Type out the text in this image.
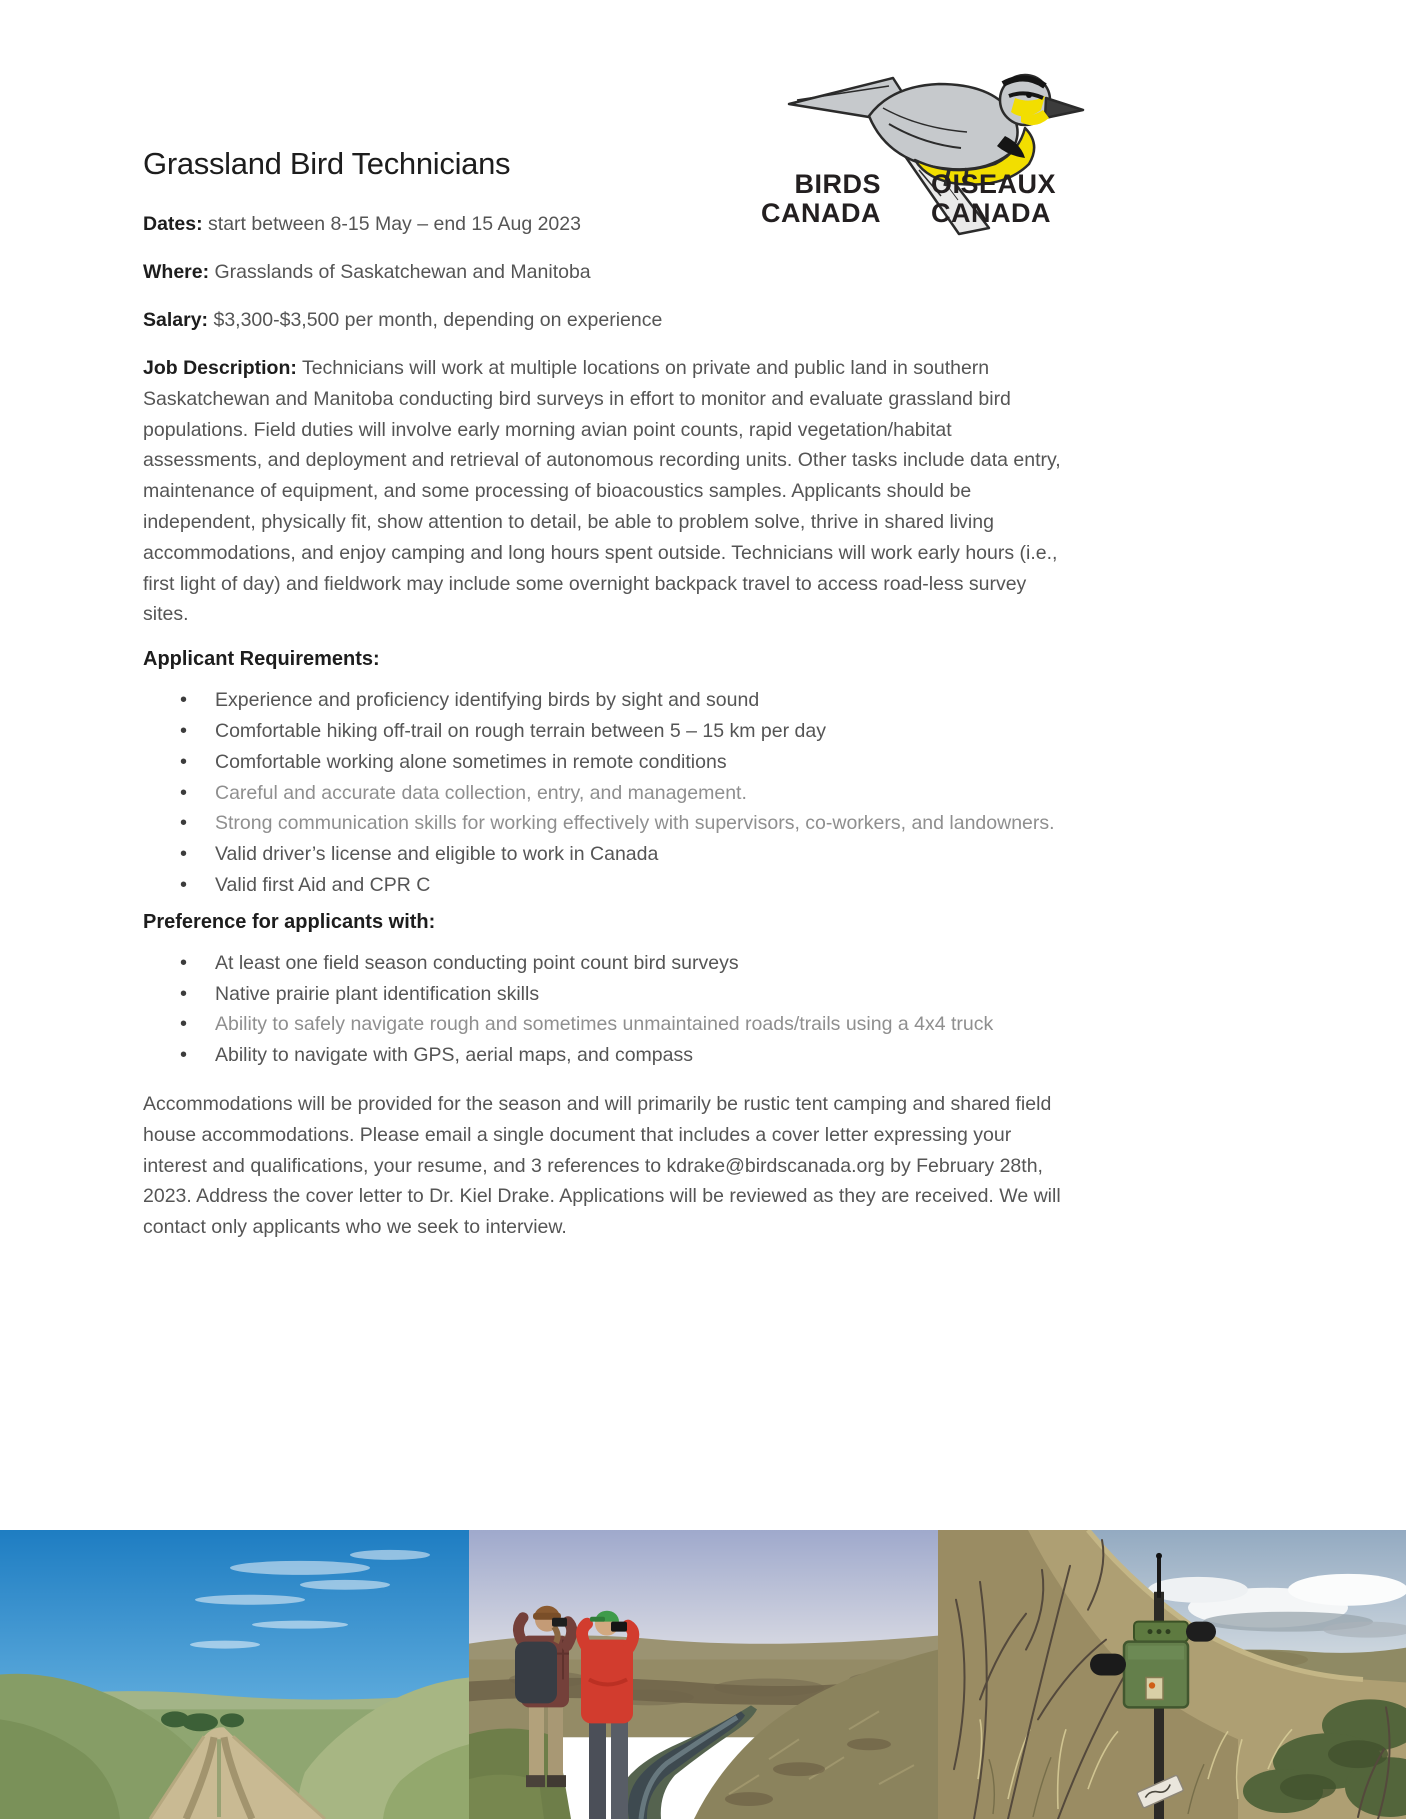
BIRDS
CANADA
OISEAUX
CANADA
Grassland Bird Technicians

Dates: start between 8-15 May – end 15 Aug 2023

Where: Grasslands of Saskatchewan and Manitoba

Salary: $3,300-$3,500 per month, depending on experience

Job Description: Technicians will work at multiple locations on private and public land in southern Saskatchewan and Manitoba conducting bird surveys in effort to monitor and evaluate grassland bird populations. Field duties will involve early morning avian point counts, rapid vegetation/habitat assessments, and deployment and retrieval of autonomous recording units. Other tasks include data entry, maintenance of equipment, and some processing of bioacoustics samples. Applicants should be independent, physically fit, show attention to detail, be able to problem solve, thrive in shared living accommodations, and enjoy camping and long hours spent outside. Technicians will work early hours (i.e., first light of day) and fieldwork may include some overnight backpack travel to access road-less survey sites.

Applicant Requirements:
• Experience and proficiency identifying birds by sight and sound
• Comfortable hiking off-trail on rough terrain between 5 – 15 km per day
• Comfortable working alone sometimes in remote conditions
• Careful and accurate data collection, entry, and management.
• Strong communication skills for working effectively with supervisors, co-workers, and landowners.
• Valid driver’s license and eligible to work in Canada
• Valid first Aid and CPR C
Preference for applicants with:
• At least one field season conducting point count bird surveys
• Native prairie plant identification skills
• Ability to safely navigate rough and sometimes unmaintained roads/trails using a 4x4 truck
• Ability to navigate with GPS, aerial maps, and compass

Accommodations will be provided for the season and will primarily be rustic tent camping and shared field house accommodations. Please email a single document that includes a cover letter expressing your interest and qualifications, your resume, and 3 references to kdrake@birdscanada.org by February 28th, 2023. Address the cover letter to Dr. Kiel Drake. Applications will be reviewed as they are received. We will contact only applicants who we seek to interview.
